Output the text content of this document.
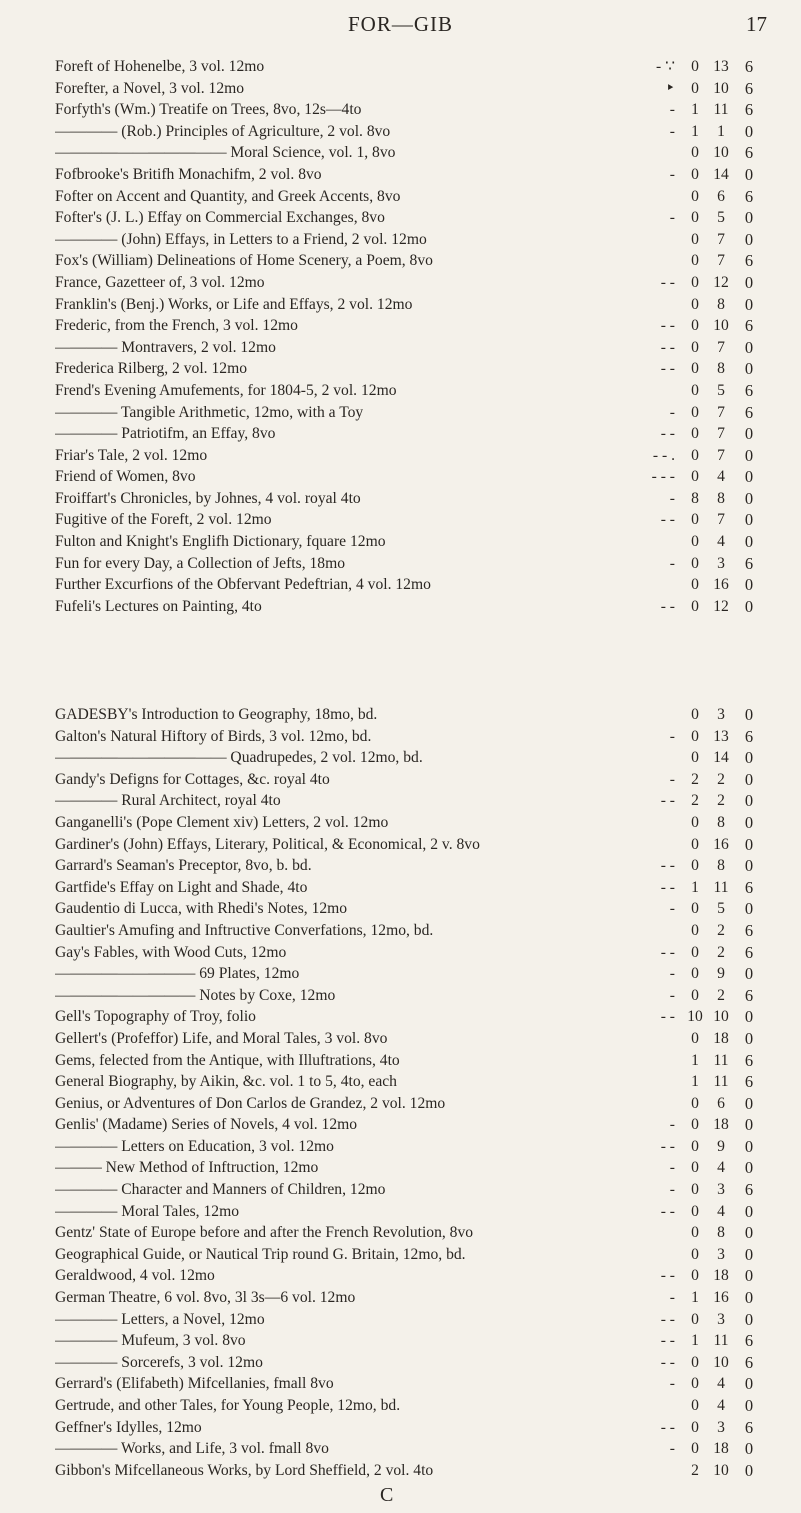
FOR—GIB	17
Foreft of Hohenelbe, 3 vol. 12mo	- ∵	0 13 6
Forefter, a Novel, 3 vol. 12mo	‣	0 10 6
Forfyth's (Wm.) Treatife on Trees, 8vo, 12s—4to	-	1 11 6
———— (Rob.) Principles of Agriculture, 2 vol. 8vo	-	1	1	0
——————————— Moral Science, vol. 1, 8vo	0 10 6
Fofbrooke's Britifh Monachifm, 2 vol. 8vo	-	0 14 0
Fofter on Accent and Quantity, and Greek Accents, 8vo	0	6	6
Fofter's (J. L.) Effay on Commercial Exchanges, 8vo	-	0	5	0
———— (John) Effays, in Letters to a Friend, 2 vol. 12mo	0	7	0
Fox's (William) Delineations of Home Scenery, a Poem, 8vo	0	7	6
France, Gazetteer of, 3 vol. 12mo	- -	0 12 0
Franklin's (Benj.) Works, or Life and Effays, 2 vol. 12mo	0	8	0
Frederic, from the French, 3 vol. 12mo	- -	0 10 6
———— Montravers, 2 vol. 12mo	- -	0	7	0
Frederica Rilberg, 2 vol. 12mo	- -	0	8	0
Frend's Evening Amufements, for 1804-5, 2 vol. 12mo	0	5	6
———— Tangible Arithmetic, 12mo, with a Toy	-	0	7	6
———— Patriotifm, an Effay, 8vo	- -	0	7	0
Friar's Tale, 2 vol. 12mo	- - .	0	7	0
Friend of Women, 8vo	- - -	0	4	0
Froiffart's Chronicles, by Johnes, 4 vol. royal 4to	-	8	8	0
Fugitive of the Foreft, 2 vol. 12mo	- -	0	7	0
Fulton and Knight's Englifh Dictionary, fquare 12mo	0	4	0
Fun for every Day, a Collection of Jefts, 18mo	-	0	3	6
Further Excurfions of the Obfervant Pedeftrian, 4 vol. 12mo	0 16 0
Fufeli's Lectures on Painting, 4to	- -	0 12 0
GADESBY's Introduction to Geography, 18mo, bd.	0	3	0
Galton's Natural Hiftory of Birds, 3 vol. 12mo, bd.	-	0 13 6
——————————— Quadrupedes, 2 vol. 12mo, bd.	0 14 0
Gandy's Defigns for Cottages, &c. royal 4to	-	2	2	0
———— Rural Architect, royal 4to	- -	2	2	0
Ganganelli's (Pope Clement xiv) Letters, 2 vol. 12mo	0	8	0
Gardiner's (John) Effays, Literary, Political, & Economical, 2 v. 8vo	0 16 0
Garrard's Seaman's Preceptor, 8vo, b. bd.	- -	0	8	0
Gartfide's Effay on Light and Shade, 4to	- -	1 11 6
Gaudentio di Lucca, with Rhedi's Notes, 12mo	-	0	5	0
Gaultier's Amufing and Inftructive Converfations, 12mo, bd.	0	2	6
Gay's Fables, with Wood Cuts, 12mo	- -	0	2	6
————————— 69 Plates, 12mo	-	0	9	0
————————— Notes by Coxe, 12mo	-	0	2	6
Gell's Topography of Troy, folio	- - 10 10 0
Gellert's (Profeffor) Life, and Moral Tales, 3 vol. 8vo	0 18 0
Gems, felected from the Antique, with Illuftrations, 4to	1 11 6
General Biography, by Aikin, &c. vol. 1 to 5, 4to, each	1 11 6
Genius, or Adventures of Don Carlos de Grandez, 2 vol. 12mo	0	6	0
Genlis' (Madame) Series of Novels, 4 vol. 12mo	-	0 18 0
———— Letters on Education, 3 vol. 12mo	- -	0	9	0
——— New Method of Inftruction, 12mo	-	0	4	0
———— Character and Manners of Children, 12mo	-	0	3	6
———— Moral Tales, 12mo	- -	0	4	0
Gentz' State of Europe before and after the French Revolution, 8vo	0	8	0
Geographical Guide, or Nautical Trip round G. Britain, 12mo, bd.	0	3	0
Geraldwood, 4 vol. 12mo	- -	0 18 0
German Theatre, 6 vol. 8vo, 3l 3s—6 vol. 12mo	-	1 16 0
———— Letters, a Novel, 12mo	- -	0	3	0
———— Mufeum, 3 vol. 8vo	- -	1 11 6
———— Sorcerefs, 3 vol. 12mo	- -	0 10 6
Gerrard's (Elifabeth) Mifcellanies, fmall 8vo	-	0	4	0
Gertrude, and other Tales, for Young People, 12mo, bd.	0	4	0
Geffner's Idylles, 12mo	- -	0	3	6
———— Works, and Life, 3 vol. fmall 8vo	-	0 18 0
Gibbon's Mifcellaneous Works, by Lord Sheffield, 2 vol. 4to	2 10 0
C
